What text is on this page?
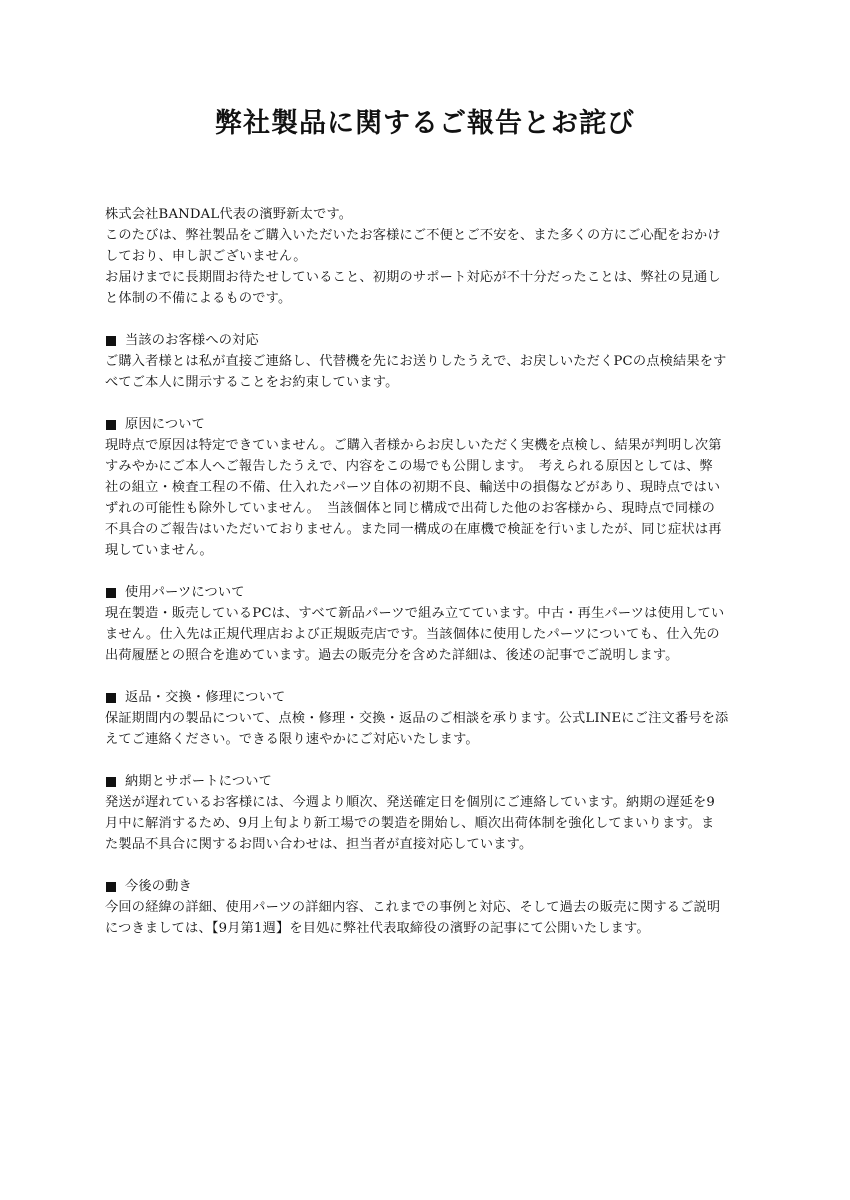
弊社製品に関するご報告とお詫び

株式会社BANDAL代表の濱野新太です。

このたびは、弊社製品をご購入いただいたお客様にご不便とご不安を、また多くの方にご心配をおかけ
しており、申し訳ございません。

お届けまでに長期間お待たせしていること、初期のサポート対応が不十分だったことは、弊社の見通し
と体制の不備によるものです。

当該のお客様への対応

ご購入者様とは私が直接ご連絡し、代替機を先にお送りしたうえで、お戻しいただくPCの点検結果をす
べてご本人に開示することをお約束しています。

原因について

現時点で原因は特定できていません。ご購入者様からお戻しいただく実機を点検し、結果が判明し次第
すみやかにご本人へご報告したうえで、内容をこの場でも公開します。　考えられる原因としては、弊
社の組立・検査工程の不備、仕入れたパーツ自体の初期不良、輸送中の損傷などがあり、現時点ではい
ずれの可能性も除外していません。　当該個体と同じ構成で出荷した他のお客様から、現時点で同様の
不具合のご報告はいただいておりません。また同一構成の在庫機で検証を行いましたが、同じ症状は再
現していません。

使用パーツについて

現在製造・販売しているPCは、すべて新品パーツで組み立てています。中古・再生パーツは使用してい
ません。仕入先は正規代理店および正規販売店です。当該個体に使用したパーツについても、仕入先の
出荷履歴との照合を進めています。過去の販売分を含めた詳細は、後述の記事でご説明します。

返品・交換・修理について

保証期間内の製品について、点検・修理・交換・返品のご相談を承ります。公式LINEにご注文番号を添
えてご連絡ください。できる限り速やかにご対応いたします。

納期とサポートについて

発送が遅れているお客様には、今週より順次、発送確定日を個別にご連絡しています。納期の遅延を9
月中に解消するため、9月上旬より新工場での製造を開始し、順次出荷体制を強化してまいります。ま
た製品不具合に関するお問い合わせは、担当者が直接対応しています。

今後の動き

今回の経緯の詳細、使用パーツの詳細内容、これまでの事例と対応、そして過去の販売に関するご説明
につきましては、【9月第1週】を目処に弊社代表取締役の濱野の記事にて公開いたします。
